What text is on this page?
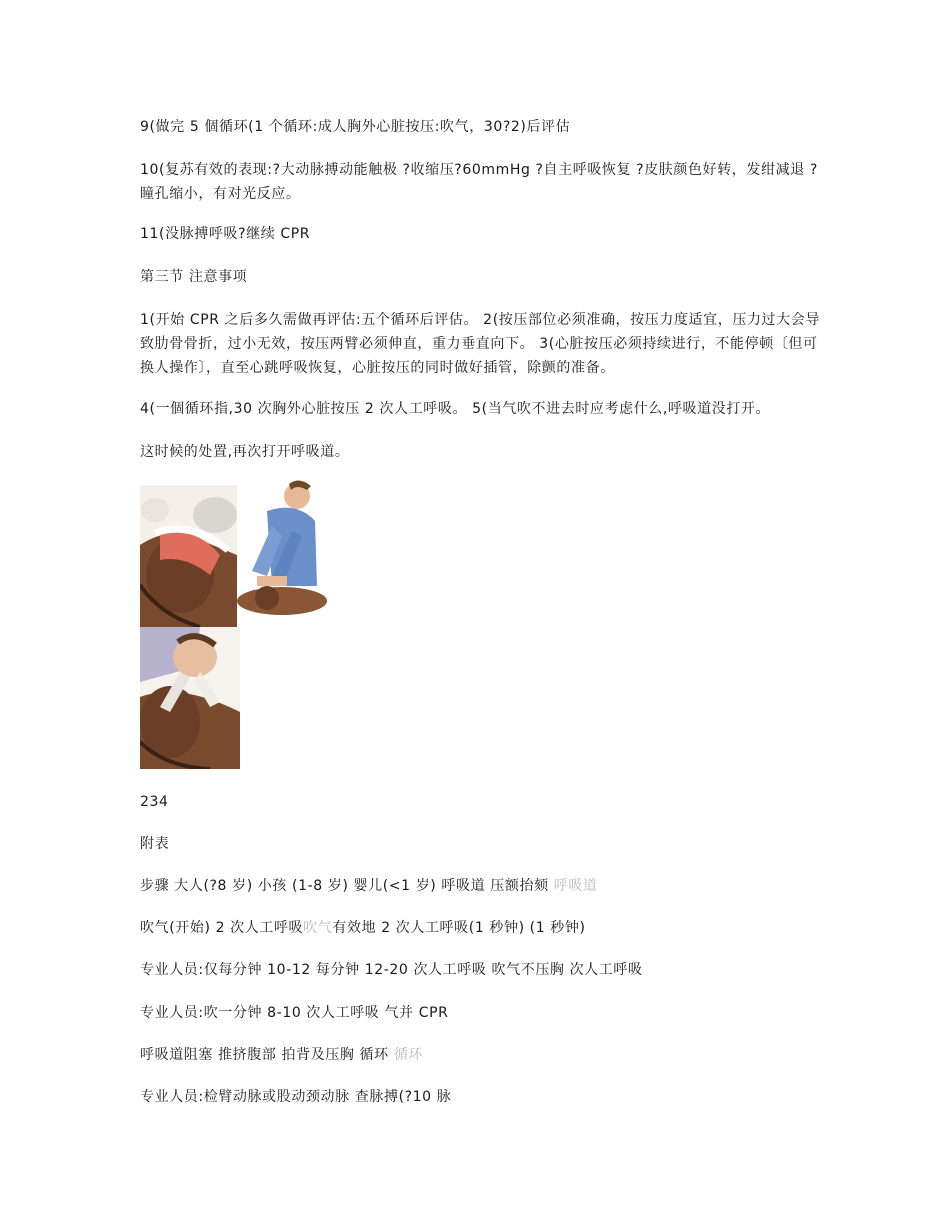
9(做完 5 個循环(1 个循环:成人胸外心脏按压:吹气，30?2)后评估

10(复苏有效的表现:?大动脉搏动能触极 ?收缩压?60mmHg ?自主呼吸恢复 ?皮肤颜色好转，发绀减退 ?瞳孔缩小，有对光反应。

11(没脉搏呼吸?继续 CPR

第三节 注意事项

1(开始 CPR 之后多久需做再评估:五个循环后评估。 2(按压部位必须准确，按压力度适宜，压力过大会导致肋骨骨折，过小无效，按压两臂必须伸直，重力垂直向下。 3(心脏按压必须持续进行，不能停顿〔但可换人操作〕，直至心跳呼吸恢复，心脏按压的同时做好插管，除颤的准备。

4(一個循环指,30 次胸外心脏按压 2 次人工呼吸。 5(当气吹不进去时应考虑什么,呼吸道没打开。

这时候的处置,再次打开呼吸道。

234

附表

步骤 大人(?8 岁) 小孩 (1-8 岁) 婴儿(<1 岁) 呼吸道 压额抬颏 呼吸道

吹气(开始) 2 次人工呼吸吹气有效地 2 次人工呼吸(1 秒钟) (1 秒钟)

专业人员:仅每分钟 10-12 每分钟 12-20 次人工呼吸 吹气不压胸 次人工呼吸

专业人员:吹一分钟 8-10 次人工呼吸 气并 CPR

呼吸道阻塞 推挤腹部 拍背及压胸 循环 循环

专业人员:检臂动脉或股动颈动脉 查脉搏(?10 脉
